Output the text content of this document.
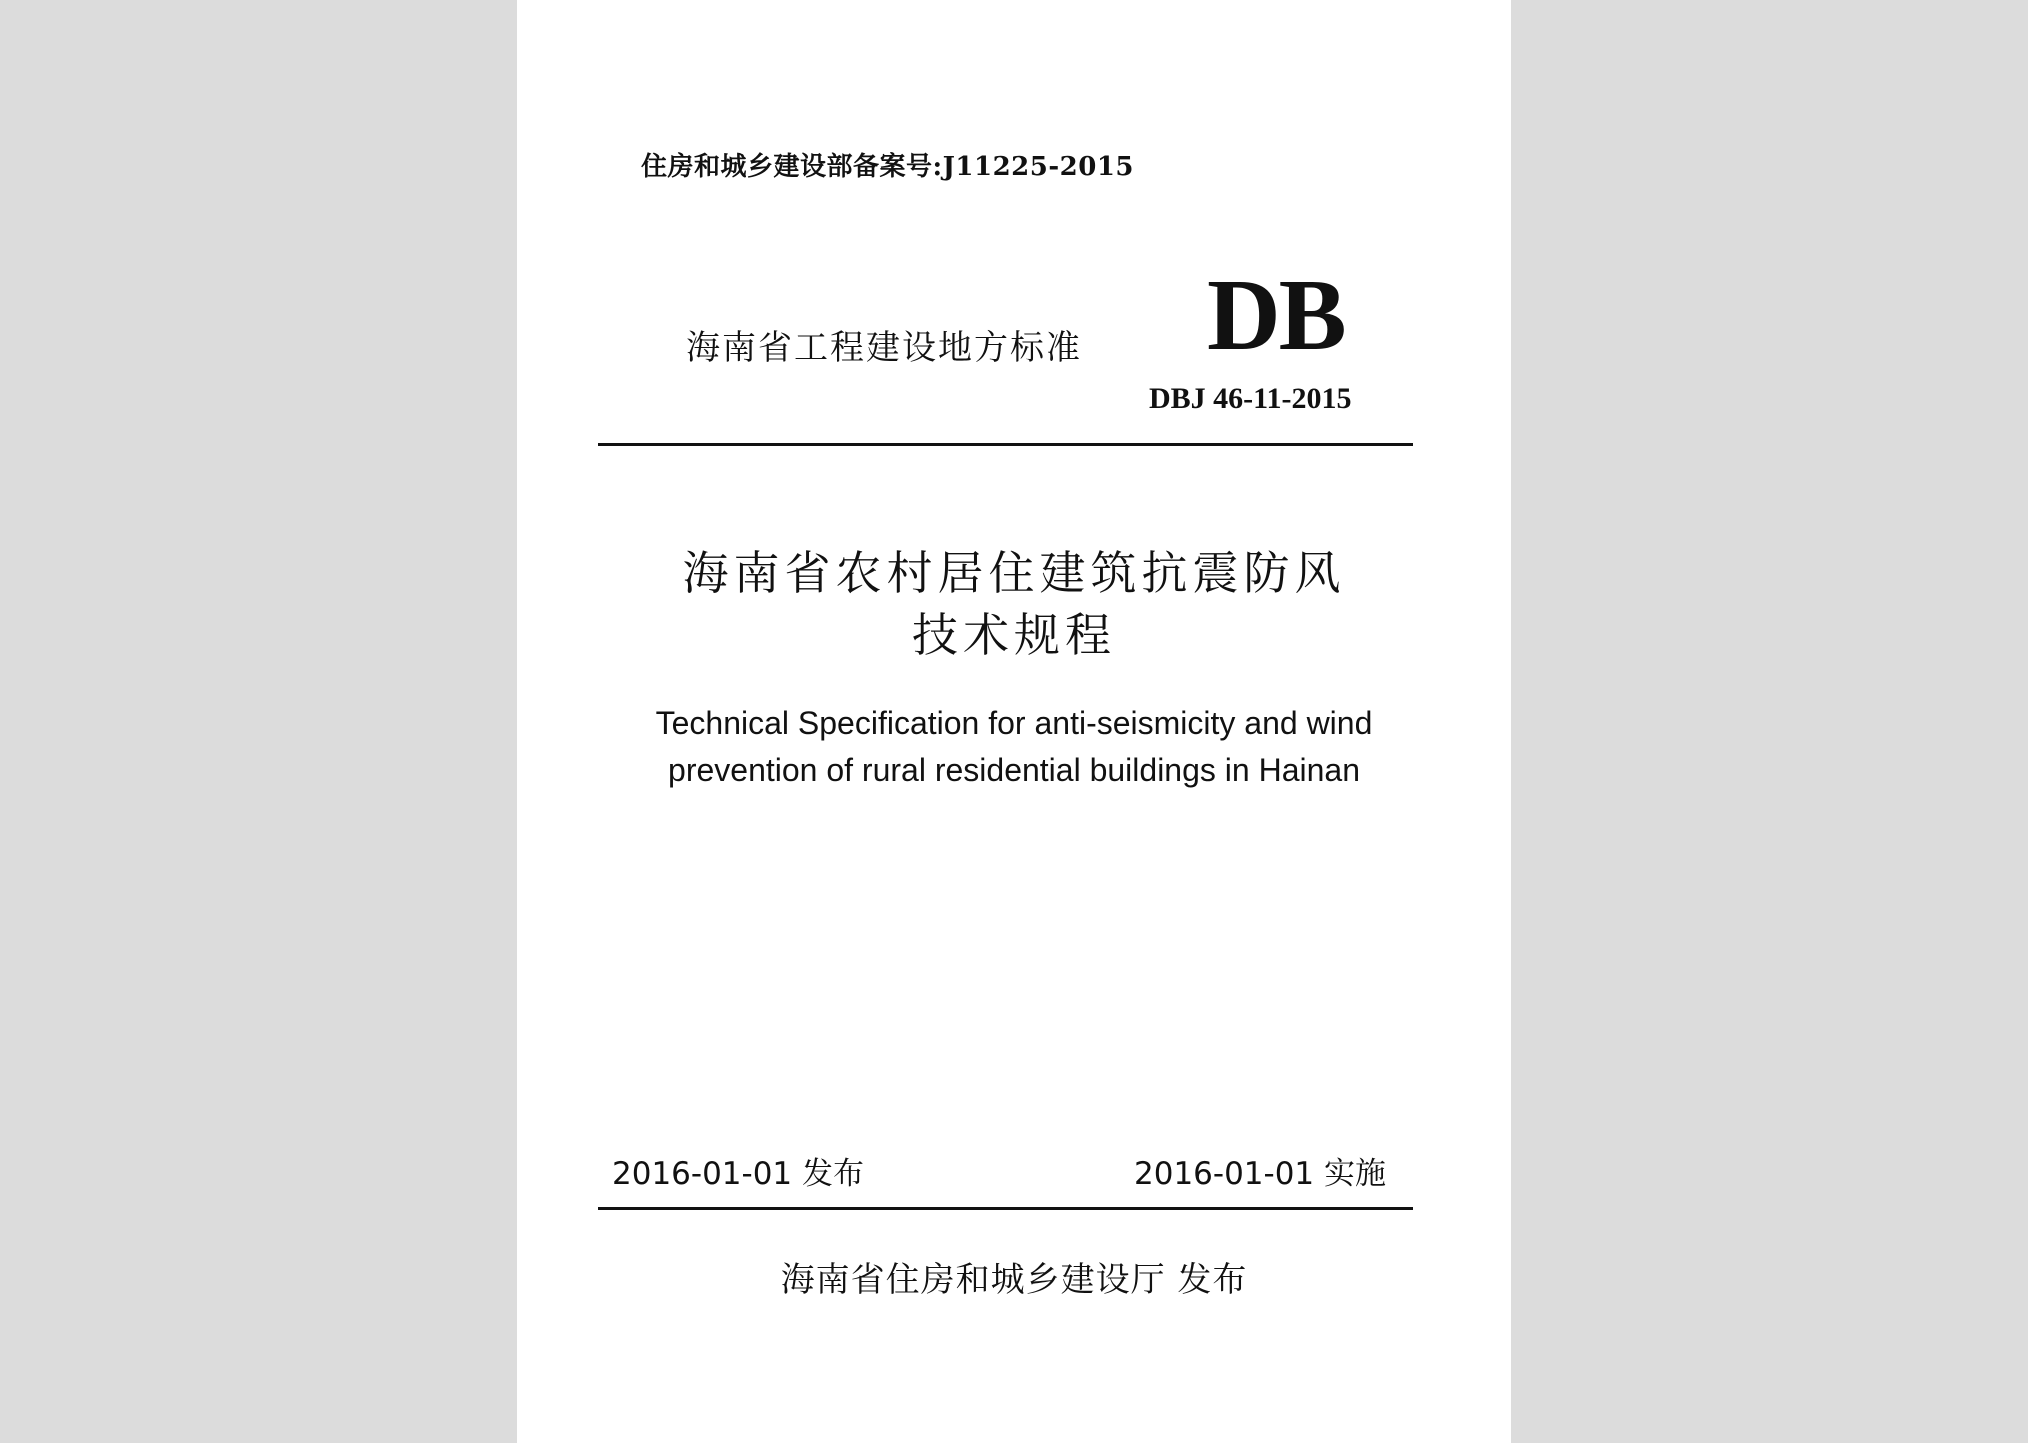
住房和城乡建设部备案号:J11225-2015
海南省工程建设地方标准 DB
DBJ 46-11-2015
海南省农村居住建筑抗震防风
技术规程
Technical Specification for anti-seismicity and wind
prevention of rural residential buildings in Hainan
2016-01-01 发布	2016-01-01 实施
海南省住房和城乡建设厅 发布
